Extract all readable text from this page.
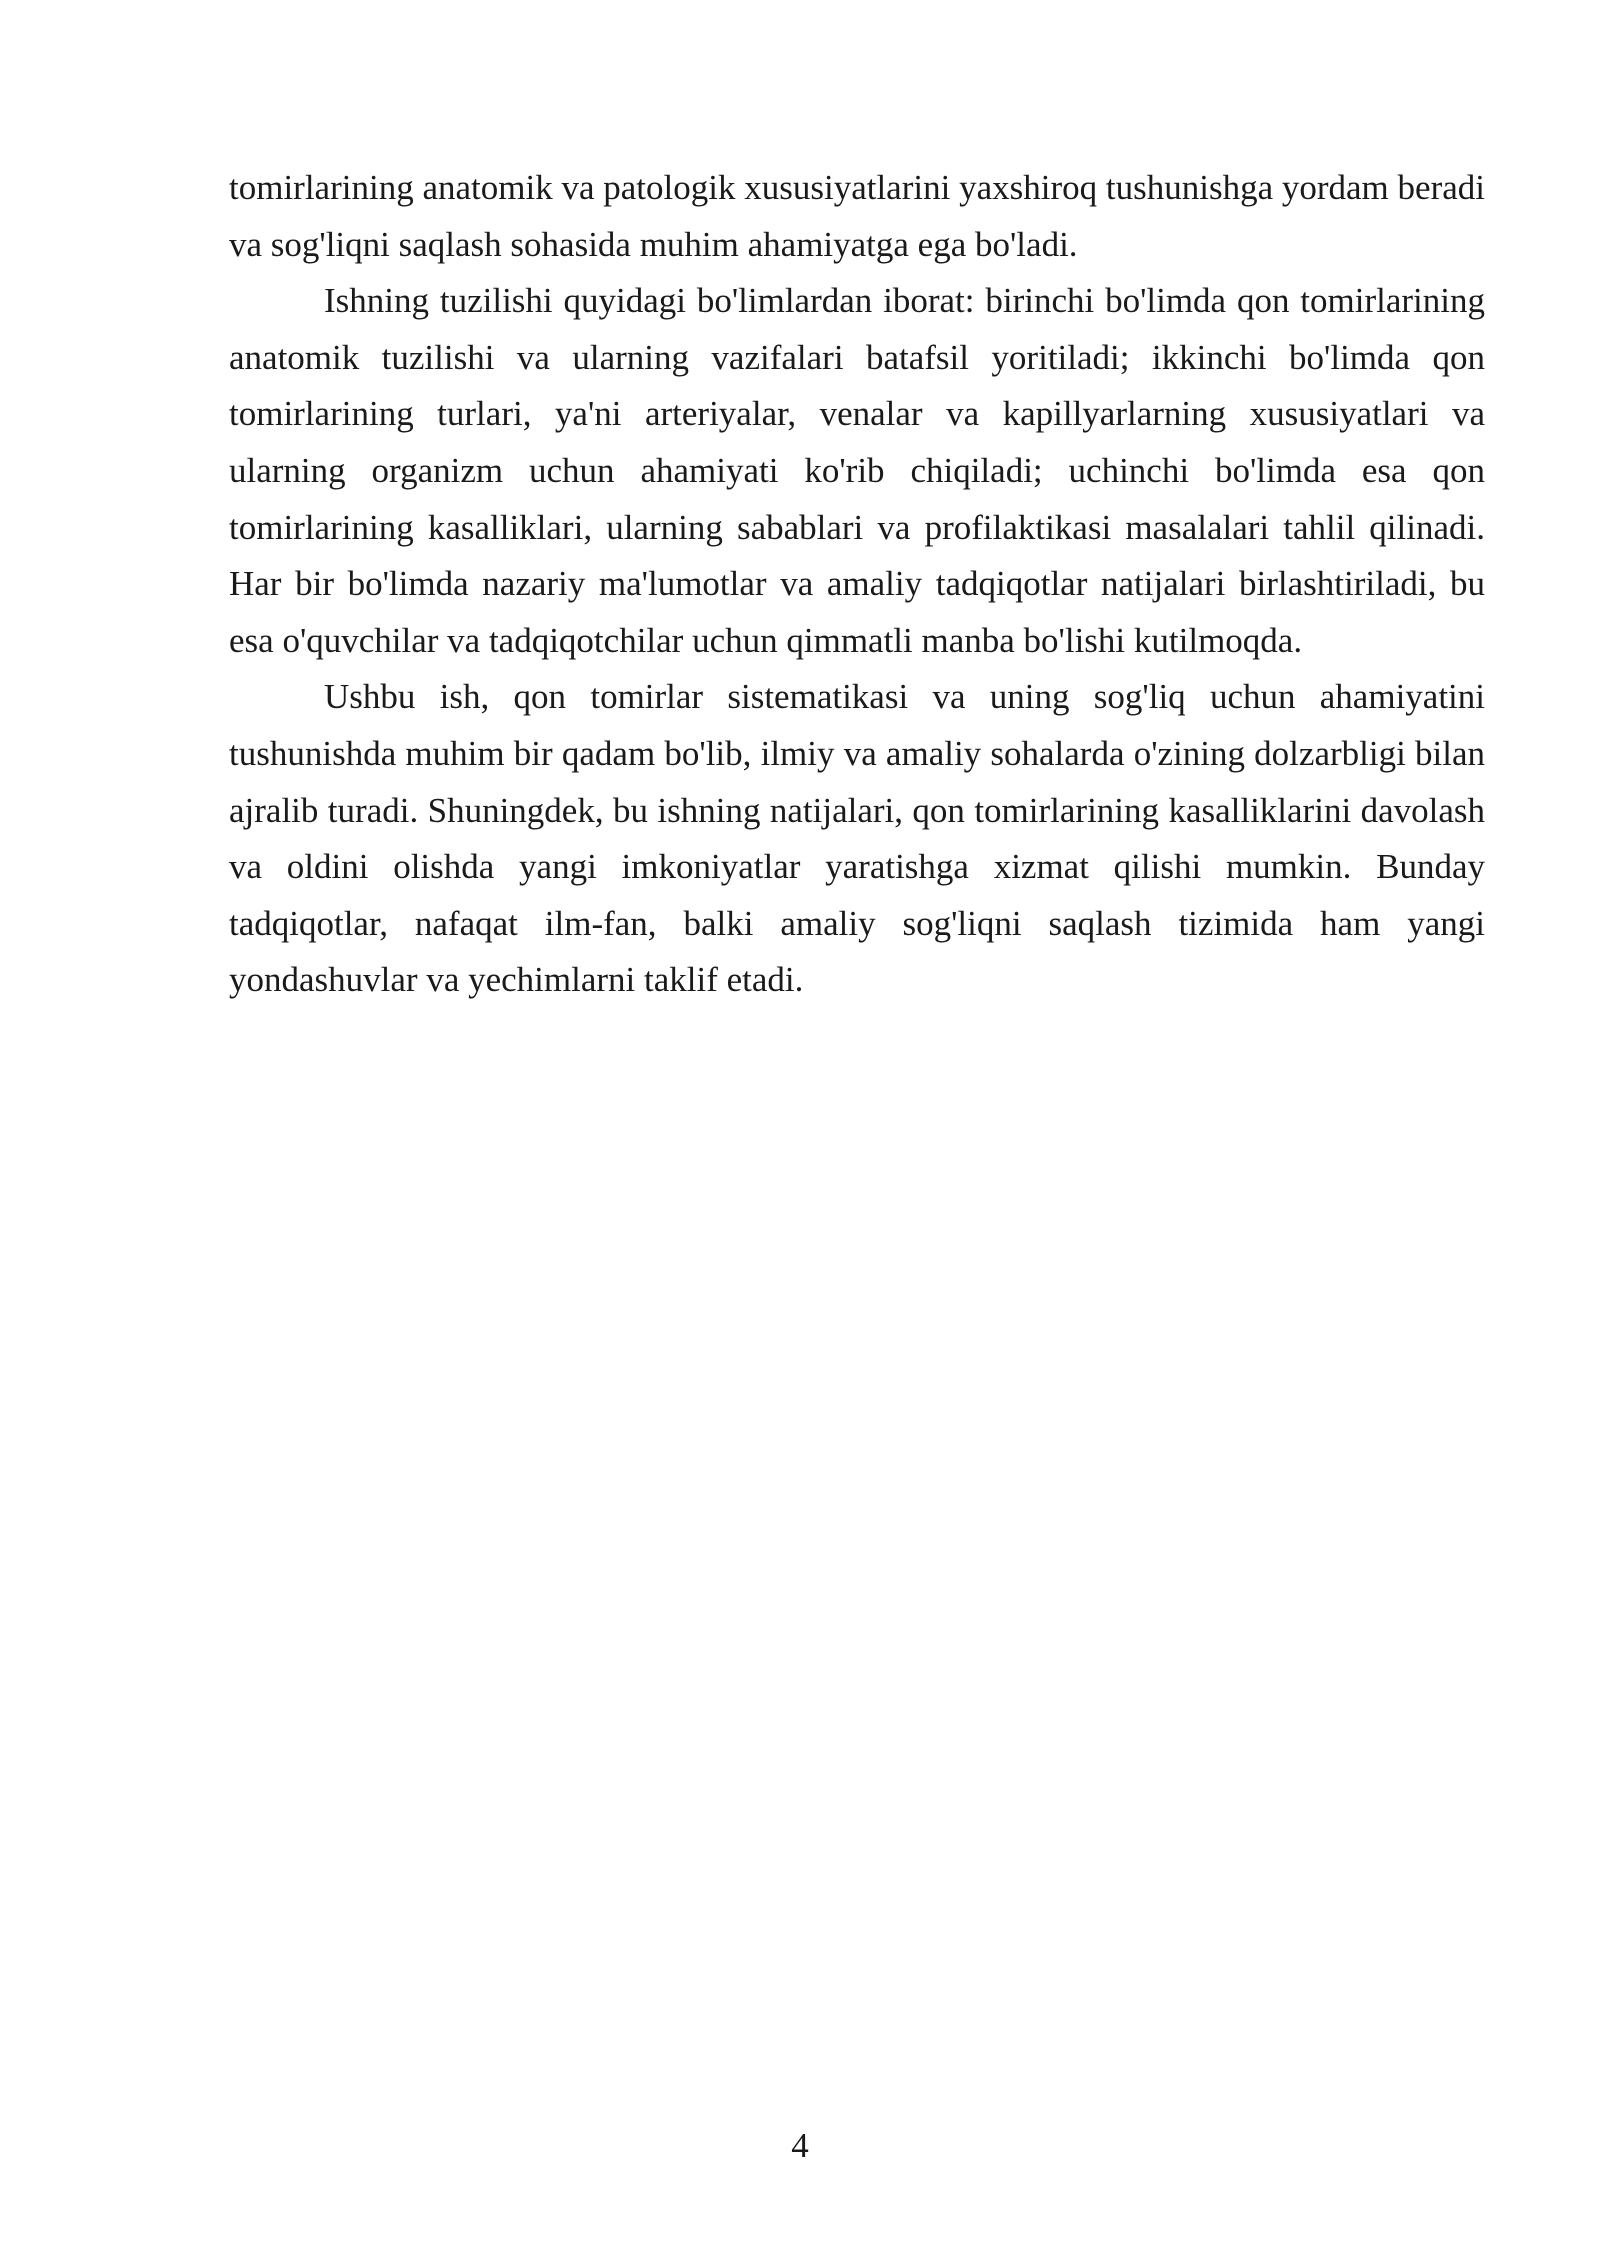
tomirlarining anatomik va patologik xususiyatlarini yaxshiroq tushunishga yordam beradi va sog'liqni saqlash sohasida muhim ahamiyatga ega bo'ladi.

Ishning tuzilishi quyidagi bo'limlardan iborat: birinchi bo'limda qon tomirlarining anatomik tuzilishi va ularning vazifalari batafsil yoritiladi; ikkinchi bo'limda qon tomirlarining turlari, ya'ni arteriyalar, venalar va kapillyarlarning xususiyatlari va ularning organizm uchun ahamiyati ko'rib chiqiladi; uchinchi bo'limda esa qon tomirlarining kasalliklari, ularning sabablari va profilaktikasi masalalari tahlil qilinadi. Har bir bo'limda nazariy ma'lumotlar va amaliy tadqiqotlar natijalari birlashtiriladi, bu esa o'quvchilar va tadqiqotchilar uchun qimmatli manba bo'lishi kutilmoqda.

Ushbu ish, qon tomirlar sistematikasi va uning sog'liq uchun ahamiyatini tushunishda muhim bir qadam bo'lib, ilmiy va amaliy sohalarda o'zining dolzarbligi bilan ajralib turadi. Shuningdek, bu ishning natijalari, qon tomirlarining kasalliklarini davolash va oldini olishda yangi imkoniyatlar yaratishga xizmat qilishi mumkin. Bunday tadqiqotlar, nafaqat ilm-fan, balki amaliy sog'liqni saqlash tizimida ham yangi yondashuvlar va yechimlarni taklif etadi.

4
